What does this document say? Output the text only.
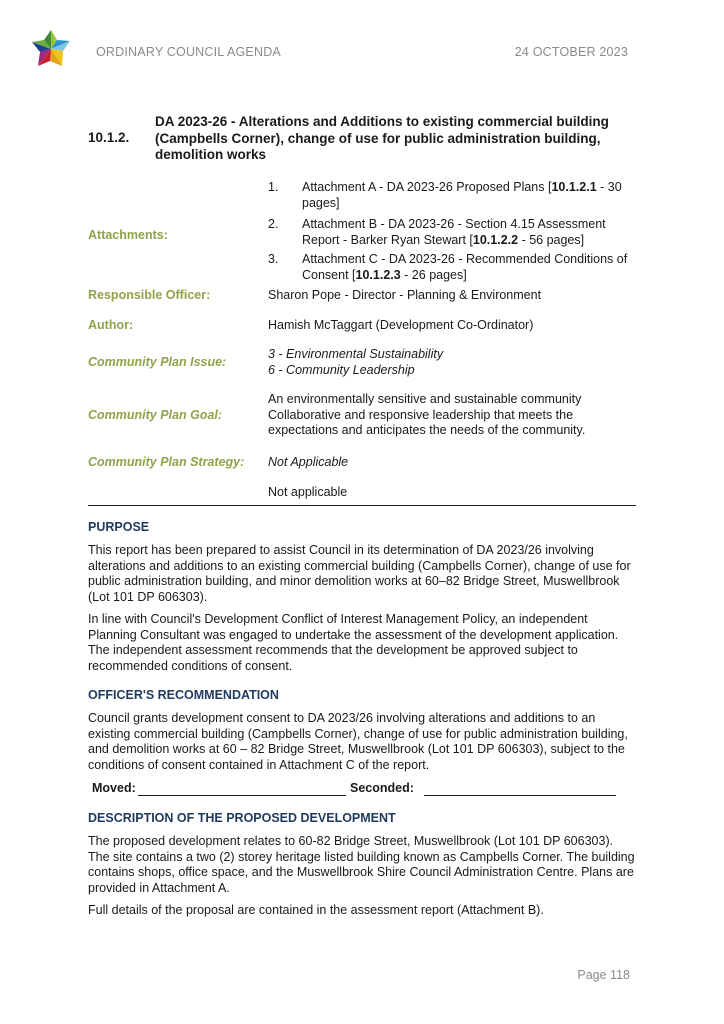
ORDINARY COUNCIL AGENDA	24 OCTOBER 2023
10.1.2.
DA 2023-26 - Alterations and Additions to existing commercial building (Campbells Corner), change of use for public administration building, demolition works
Attachments:
1. Attachment A - DA 2023-26 Proposed Plans [10.1.2.1 - 30 pages]
2. Attachment B - DA 2023-26 - Section 4.15 Assessment Report - Barker Ryan Stewart [10.1.2.2 - 56 pages]
3. Attachment C - DA 2023-26 - Recommended Conditions of Consent [10.1.2.3 - 26 pages]
Responsible Officer:	Sharon Pope - Director - Planning & Environment
Author:	Hamish McTaggart (Development Co-Ordinator)
Community Plan Issue:
3 - Environmental Sustainability
6 - Community Leadership
Community Plan Goal:
An environmentally sensitive and sustainable community Collaborative and responsive leadership that meets the expectations and anticipates the needs of the community.
Community Plan Strategy: Not Applicable
Not applicable
PURPOSE
This report has been prepared to assist Council in its determination of DA 2023/26 involving alterations and additions to an existing commercial building (Campbells Corner), change of use for public administration building, and minor demolition works at 60–82 Bridge Street, Muswellbrook (Lot 101 DP 606303).
In line with Council's Development Conflict of Interest Management Policy, an independent Planning Consultant was engaged to undertake the assessment of the development application. The independent assessment recommends that the development be approved subject to recommended conditions of consent.
OFFICER'S RECOMMENDATION
Council grants development consent to DA 2023/26 involving alterations and additions to an existing commercial building (Campbells Corner), change of use for public administration building, and demolition works at 60 – 82 Bridge Street, Muswellbrook (Lot 101 DP 606303), subject to the conditions of consent contained in Attachment C of the report.
Moved:	Seconded:
DESCRIPTION OF THE PROPOSED DEVELOPMENT
The proposed development relates to 60-82 Bridge Street, Muswellbrook (Lot 101 DP 606303). The site contains a two (2) storey heritage listed building known as Campbells Corner. The building contains shops, office space, and the Muswellbrook Shire Council Administration Centre. Plans are provided in Attachment A.
Full details of the proposal are contained in the assessment report (Attachment B).
Page 118
